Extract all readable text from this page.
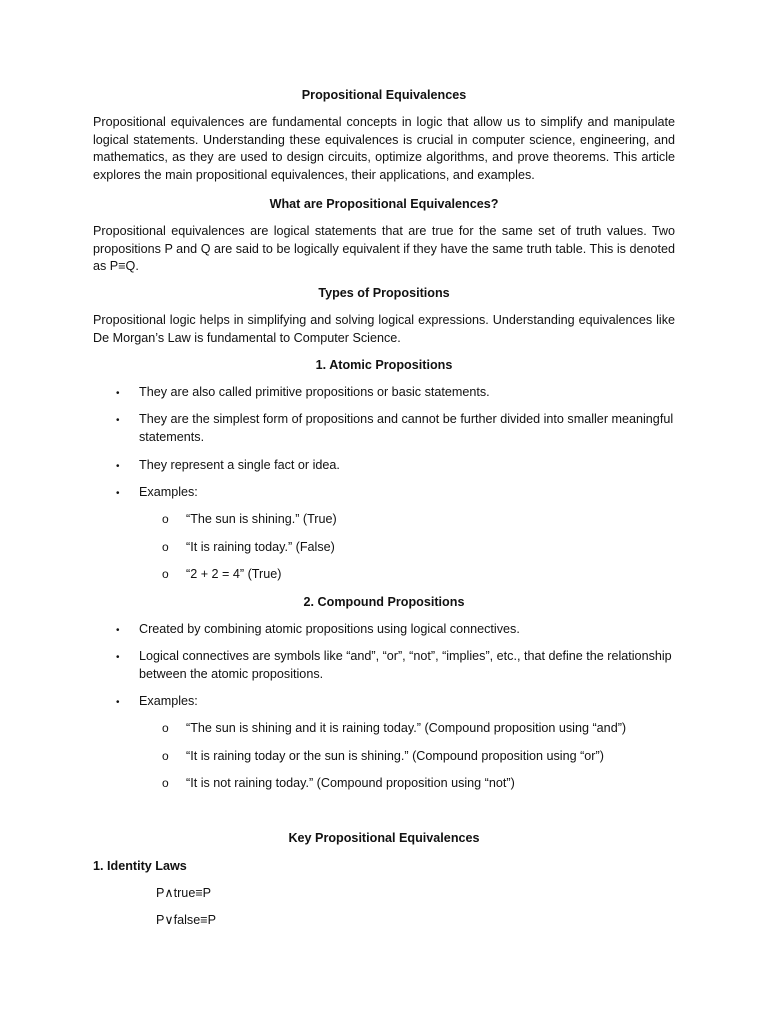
Propositional Equivalences
Propositional equivalences are fundamental concepts in logic that allow us to simplify and manipulate logical statements. Understanding these equivalences is crucial in computer science, engineering, and mathematics, as they are used to design circuits, optimize algorithms, and prove theorems. This article explores the main propositional equivalences, their applications, and examples.
What are Propositional Equivalences?
Propositional equivalences are logical statements that are true for the same set of truth values. Two propositions P and Q are said to be logically equivalent if they have the same truth table. This is denoted as P≡Q.
Types of Propositions
Propositional logic helps in simplifying and solving logical expressions. Understanding equivalences like De Morgan’s Law is fundamental to Computer Science.
1. Atomic Propositions
• They are also called primitive propositions or basic statements.
• They are the simplest form of propositions and cannot be further divided into smaller meaningful statements.
• They represent a single fact or idea.
• Examples:
o “The sun is shining.” (True)
o “It is raining today.” (False)
o “2 + 2 = 4” (True)
2. Compound Propositions
• Created by combining atomic propositions using logical connectives.
• Logical connectives are symbols like “and”, “or”, “not”, “implies”, etc., that define the relationship between the atomic propositions.
• Examples:
o “The sun is shining and it is raining today.” (Compound proposition using “and”)
o “It is raining today or the sun is shining.” (Compound proposition using “or”)
o “It is not raining today.” (Compound proposition using “not”)
Key Propositional Equivalences
1. Identity Laws
P∧true≡P
P∨false≡P
